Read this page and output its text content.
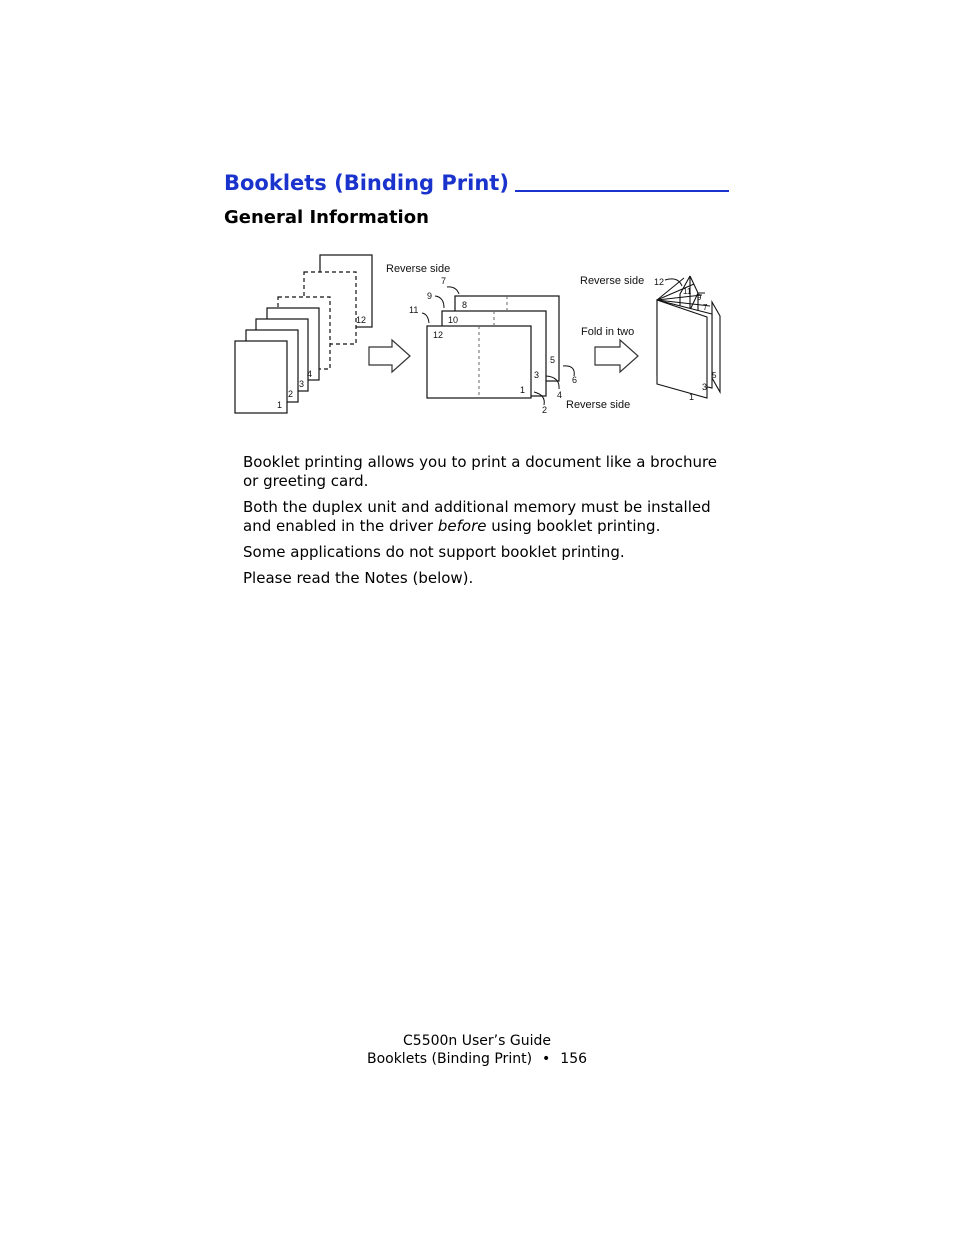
Booklets (Binding Print)
General Information
12
4
3
2
1
Reverse side
7
9
11	8
10
12
5
6
1
2
3
4
Reverse side
Reverse side 12
Fold in two
11
9
7
5
3
1

Booklet printing allows you to print a document like a brochure or greeting card.

Both the duplex unit and additional memory must be installed and enabled in the driver before using booklet printing.

Some applications do not support booklet printing.

Please read the Notes (below).

C5500n User’s Guide
Booklets (Binding Print) • 156
